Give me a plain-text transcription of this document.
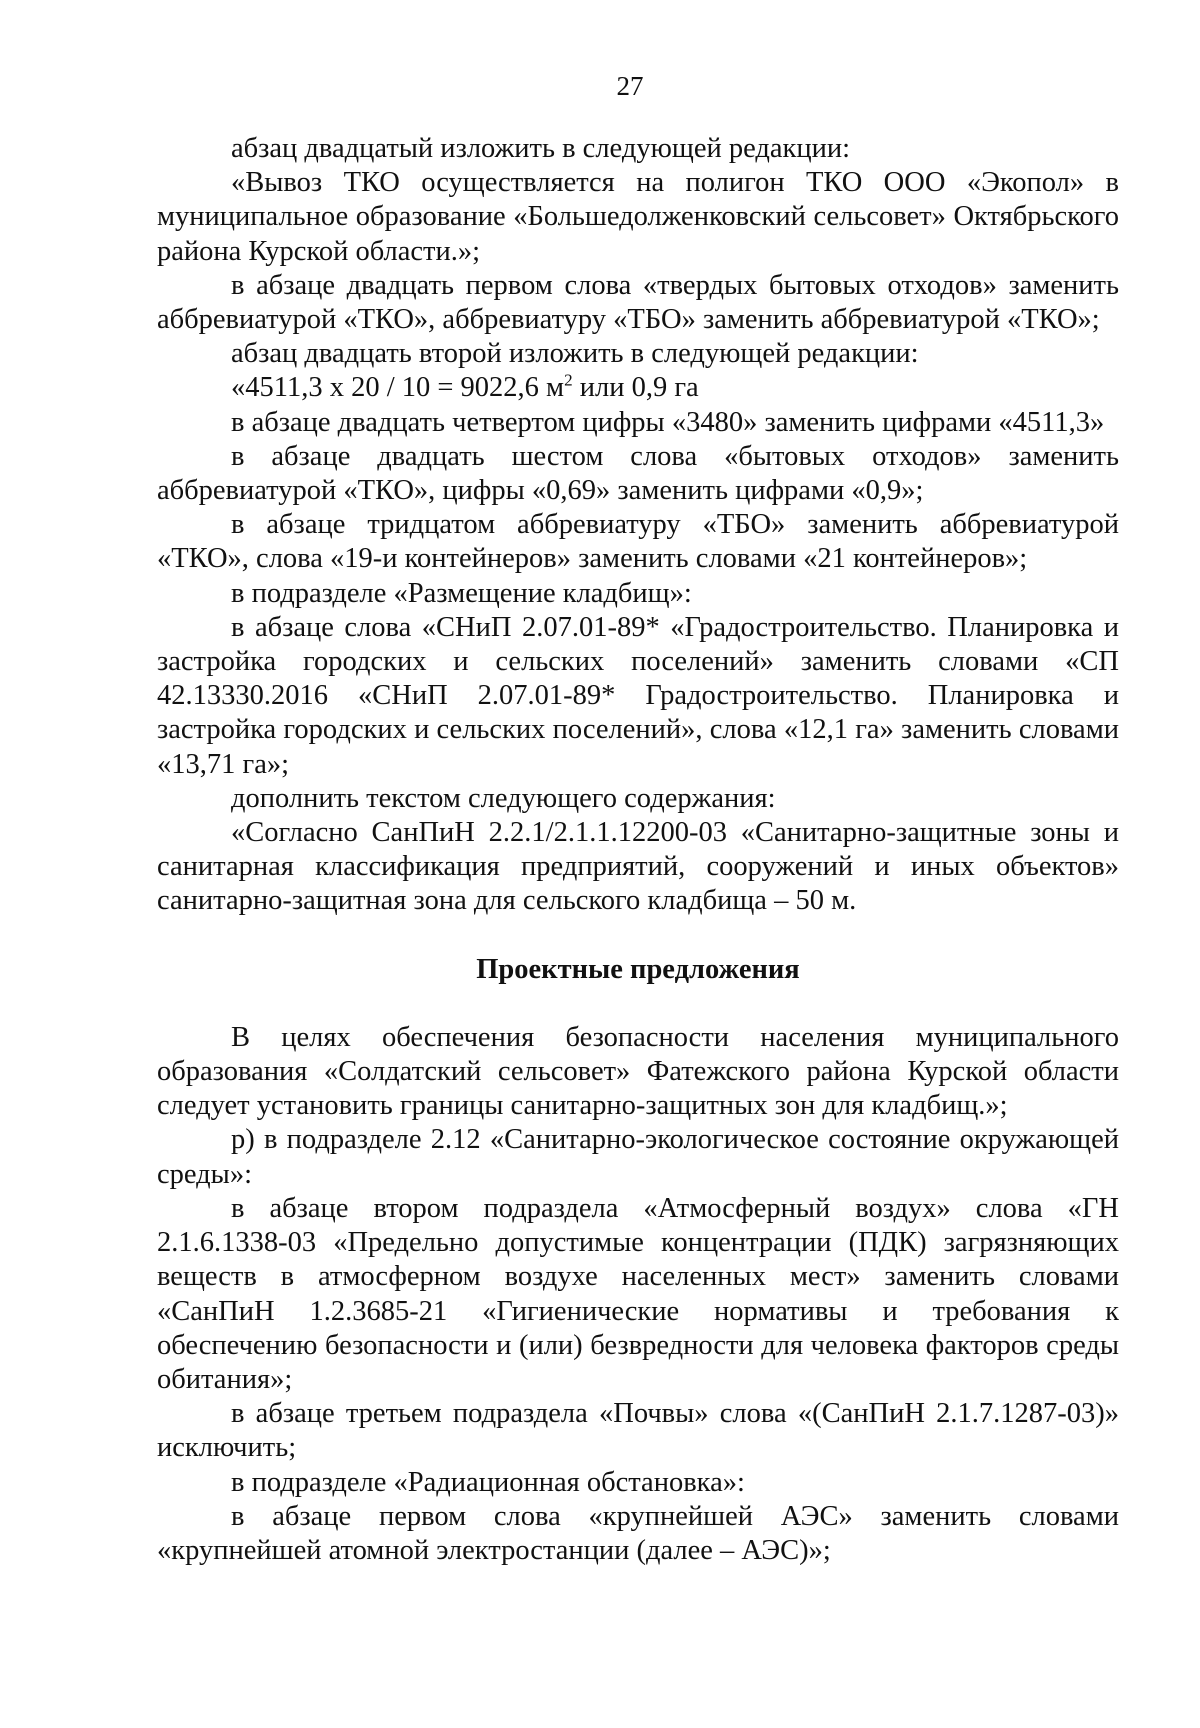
27

абзац двадцатый изложить в следующей редакции:

«Вывоз ТКО осуществляется на полигон ТКО ООО «Экопол» в муниципальное образование «Большедолженковский сельсовет» Октябрьского района Курской области.»;

в абзаце двадцать первом слова «твердых бытовых отходов» заменить аббревиатурой «ТКО», аббревиатуру «ТБО» заменить аббревиатурой «ТКО»;

абзац двадцать второй изложить в следующей редакции:

«4511,3 х 20 / 10 = 9022,6 $м^2$ или 0,9 га

в абзаце двадцать четвертом цифры «3480» заменить цифрами «4511,3»

в абзаце двадцать шестом слова «бытовых отходов» заменить аббревиатурой «ТКО», цифры «0,69» заменить цифрами «0,9»;

в абзаце тридцатом аббревиатуру «ТБО» заменить аббревиатурой «ТКО», слова «19-и контейнеров» заменить словами «21 контейнеров»;

в подразделе «Размещение кладбищ»:

в абзаце слова «СНиП 2.07.01-89* «Градостроительство. Планировка и застройка городских и сельских поселений» заменить словами «СП 42.13330.2016 «СНиП 2.07.01-89* Градостроительство. Планировка и застройка городских и сельских поселений», слова «12,1 га» заменить словами «13,71 га»;

дополнить текстом следующего содержания:

«Согласно СанПиН 2.2.1/2.1.1.12200-03 «Санитарно-защитные зоны и санитарная классификация предприятий, сооружений и иных объектов» санитарно-защитная зона для сельского кладбища – 50 м.

Проектные предложения

В целях обеспечения безопасности населения муниципального образования «Солдатский сельсовет» Фатежского района Курской области следует установить границы санитарно-защитных зон для кладбищ.»;

р) в подразделе 2.12 «Санитарно-экологическое состояние окружающей среды»:

в абзаце втором подраздела «Атмосферный воздух» слова «ГН 2.1.6.1338-03 «Предельно допустимые концентрации (ПДК) загрязняющих веществ в атмосферном воздухе населенных мест» заменить словами «СанПиН 1.2.3685-21 «Гигиенические нормативы и требования к обеспечению безопасности и (или) безвредности для человека факторов среды обитания»;

в абзаце третьем подраздела «Почвы» слова «(СанПиН 2.1.7.1287-03)» исключить;

в подразделе «Радиационная обстановка»:

в абзаце первом слова «крупнейшей АЭС» заменить словами «крупнейшей атомной электростанции (далее – АЭС)»;
